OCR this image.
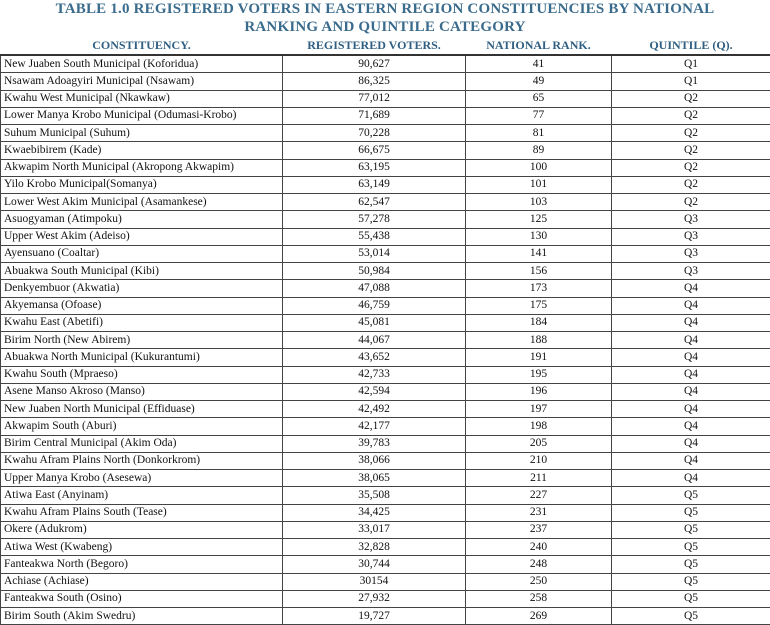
TABLE 1.0 REGISTERED VOTERS IN EASTERN REGION CONSTITUENCIES BY NATIONAL
RANKING AND QUINTILE CATEGORY
CONSTITUENCY.	REGISTERED VOTERS.	NATIONAL RANK.	QUINTILE (Q).
New Juaben South Municipal (Koforidua)	90,627	41	Q1
Nsawam Adoagyiri Municipal (Nsawam)	86,325	49	Q1
Kwahu West Municipal (Nkawkaw)	77,012	65	Q2
Lower Manya Krobo Municipal (Odumasi-Krobo)	71,689	77	Q2
Suhum Municipal (Suhum)	70,228	81	Q2
Kwaebibirem (Kade)	66,675	89	Q2
Akwapim North Municipal (Akropong Akwapim)	63,195	100	Q2
Yilo Krobo Municipal(Somanya)	63,149	101	Q2
Lower West Akim Municipal (Asamankese)	62,547	103	Q2
Asuogyaman (Atimpoku)	57,278	125	Q3
Upper West Akim (Adeiso)	55,438	130	Q3
Ayensuano (Coaltar)	53,014	141	Q3
Abuakwa South Municipal (Kibi)	50,984	156	Q3
Denkyembuor (Akwatia)	47,088	173	Q4
Akyemansa (Ofoase)	46,759	175	Q4
Kwahu East (Abetifi)	45,081	184	Q4
Birim North (New Abirem)	44,067	188	Q4
Abuakwa North Municipal (Kukurantumi)	43,652	191	Q4
Kwahu South (Mpraeso)	42,733	195	Q4
Asene Manso Akroso (Manso)	42,594	196	Q4
New Juaben North Municipal (Effiduase)	42,492	197	Q4
Akwapim South (Aburi)	42,177	198	Q4
Birim Central Municipal (Akim Oda)	39,783	205	Q4
Kwahu Afram Plains North (Donkorkrom)	38,066	210	Q4
Upper Manya Krobo (Asesewa)	38,065	211	Q4
Atiwa East (Anyinam)	35,508	227	Q5
Kwahu Afram Plains South (Tease)	34,425	231	Q5
Okere (Adukrom)	33,017	237	Q5
Atiwa West (Kwabeng)	32,828	240	Q5
Fanteakwa North (Begoro)	30,744	248	Q5
Achiase (Achiase)	30154	250	Q5
Fanteakwa South (Osino)	27,932	258	Q5
Birim South (Akim Swedru)	19,727	269	Q5
